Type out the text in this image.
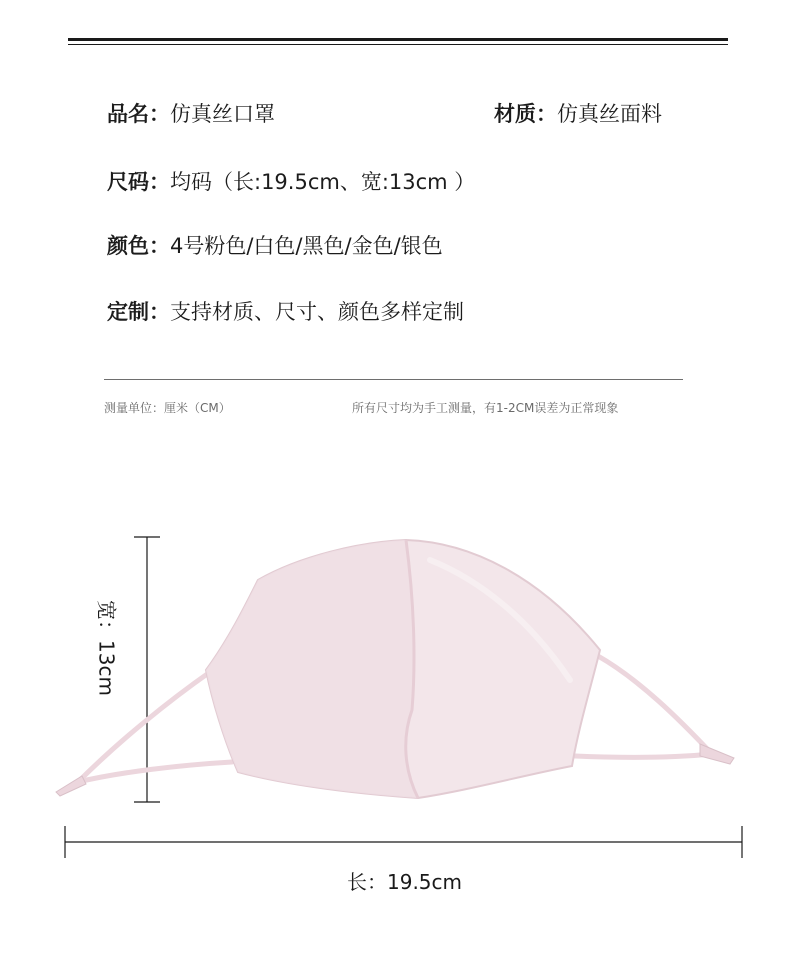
品名：仿真丝口罩	材质：仿真丝面料
尺码：均码（长:19.5cm、宽:13cm ）
颜色：4号粉色/白色/黑色/金色/银色
定制：支持材质、尺寸、颜色多样定制
测量单位：厘米（CM）	所有尺寸均为手工测量，有1-2CM误差为正常现象
宽：13cm
长：19.5cm
